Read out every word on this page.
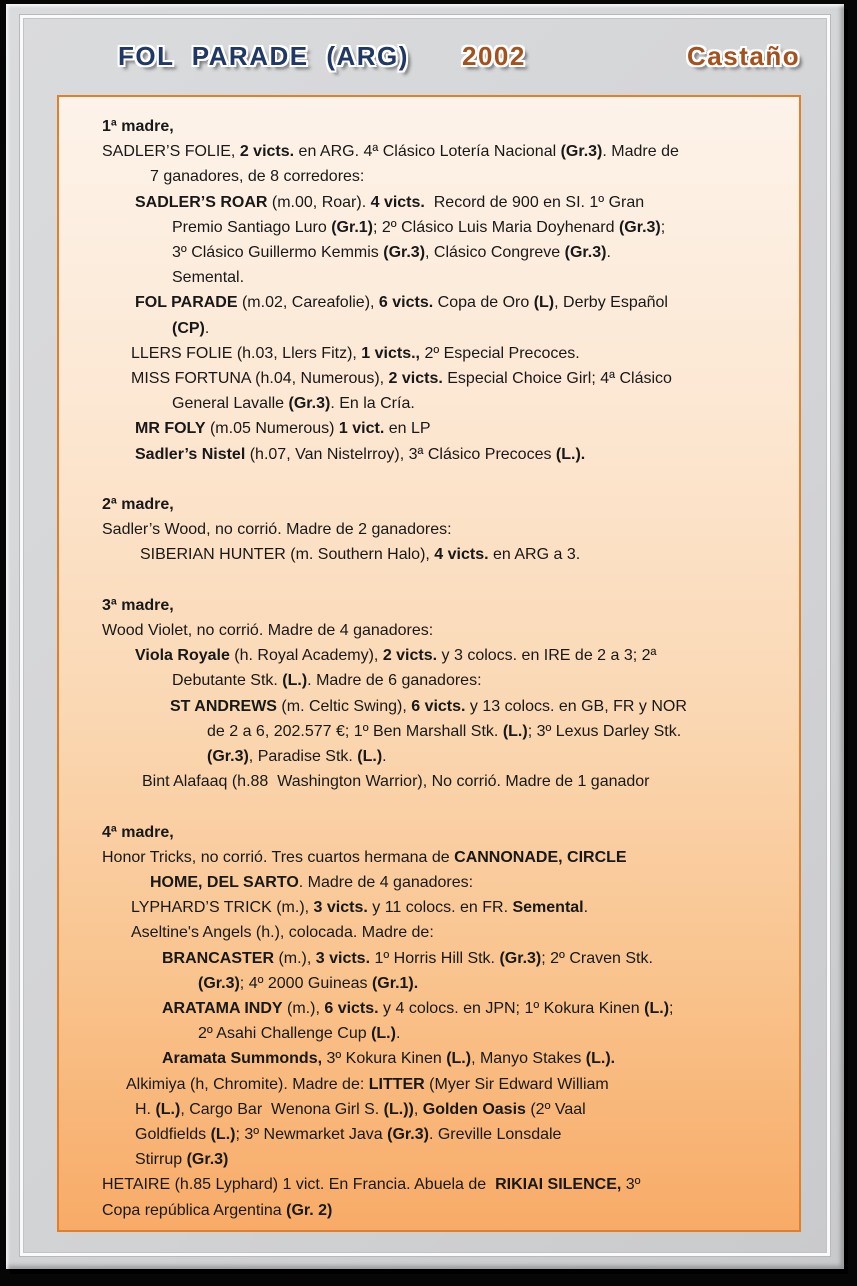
FOL PARADE (ARG) 2002	Castaño
1ª madre,
SADLER’S FOLIE, 2 victs. en ARG. 4ª Clásico Lotería Nacional (Gr.3). Madre de
7 ganadores, de 8 corredores:
SADLER’S ROAR (m.00, Roar). 4 victs.  Record de 900 en SI. 1º Gran
Premio Santiago Luro (Gr.1); 2º Clásico Luis Maria Doyhenard (Gr.3);
3º Clásico Guillermo Kemmis (Gr.3), Clásico Congreve (Gr.3).
Semental.
FOL PARADE (m.02, Careafolie), 6 victs. Copa de Oro (L), Derby Español
(CP).
LLERS FOLIE (h.03, Llers Fitz), 1 victs., 2º Especial Precoces.
MISS FORTUNA (h.04, Numerous), 2 victs. Especial Choice Girl; 4ª Clásico
General Lavalle (Gr.3). En la Cría.
MR FOLY (m.05 Numerous) 1 vict. en LP
Sadler’s Nistel (h.07, Van Nistelrroy), 3ª Clásico Precoces (L.).
2ª madre,
Sadler’s Wood, no corrió. Madre de 2 ganadores:
SIBERIAN HUNTER (m. Southern Halo), 4 victs. en ARG a 3.
3ª madre,
Wood Violet, no corrió. Madre de 4 ganadores:
Viola Royale (h. Royal Academy), 2 victs. y 3 colocs. en IRE de 2 a 3; 2ª
Debutante Stk. (L.). Madre de 6 ganadores:
ST ANDREWS (m. Celtic Swing), 6 victs. y 13 colocs. en GB, FR y NOR
de 2 a 6, 202.577 €; 1º Ben Marshall Stk. (L.); 3º Lexus Darley Stk.
(Gr.3), Paradise Stk. (L.).
Bint Alafaaq (h.88  Washington Warrior), No corrió. Madre de 1 ganador
4ª madre,
Honor Tricks, no corrió. Tres cuartos hermana de CANNONADE, CIRCLE
HOME, DEL SARTO. Madre de 4 ganadores:
LYPHARD’S TRICK (m.), 3 victs. y 11 colocs. en FR. Semental.
Aseltine's Angels (h.), colocada. Madre de:
BRANCASTER (m.), 3 victs. 1º Horris Hill Stk. (Gr.3); 2º Craven Stk.
(Gr.3); 4º 2000 Guineas (Gr.1).
ARATAMA INDY (m.), 6 victs. y 4 colocs. en JPN; 1º Kokura Kinen (L.);
2º Asahi Challenge Cup (L.).
Aramata Summonds, 3º Kokura Kinen (L.), Manyo Stakes (L.).
Alkimiya (h, Chromite). Madre de: LITTER (Myer Sir Edward William
H. (L.), Cargo Bar  Wenona Girl S. (L.)), Golden Oasis (2º Vaal
Goldfields (L.); 3º Newmarket Java (Gr.3). Greville Lonsdale
Stirrup (Gr.3)
HETAIRE (h.85 Lyphard) 1 vict. En Francia. Abuela de  RIKIAI SILENCE, 3º
Copa república Argentina (Gr. 2)
